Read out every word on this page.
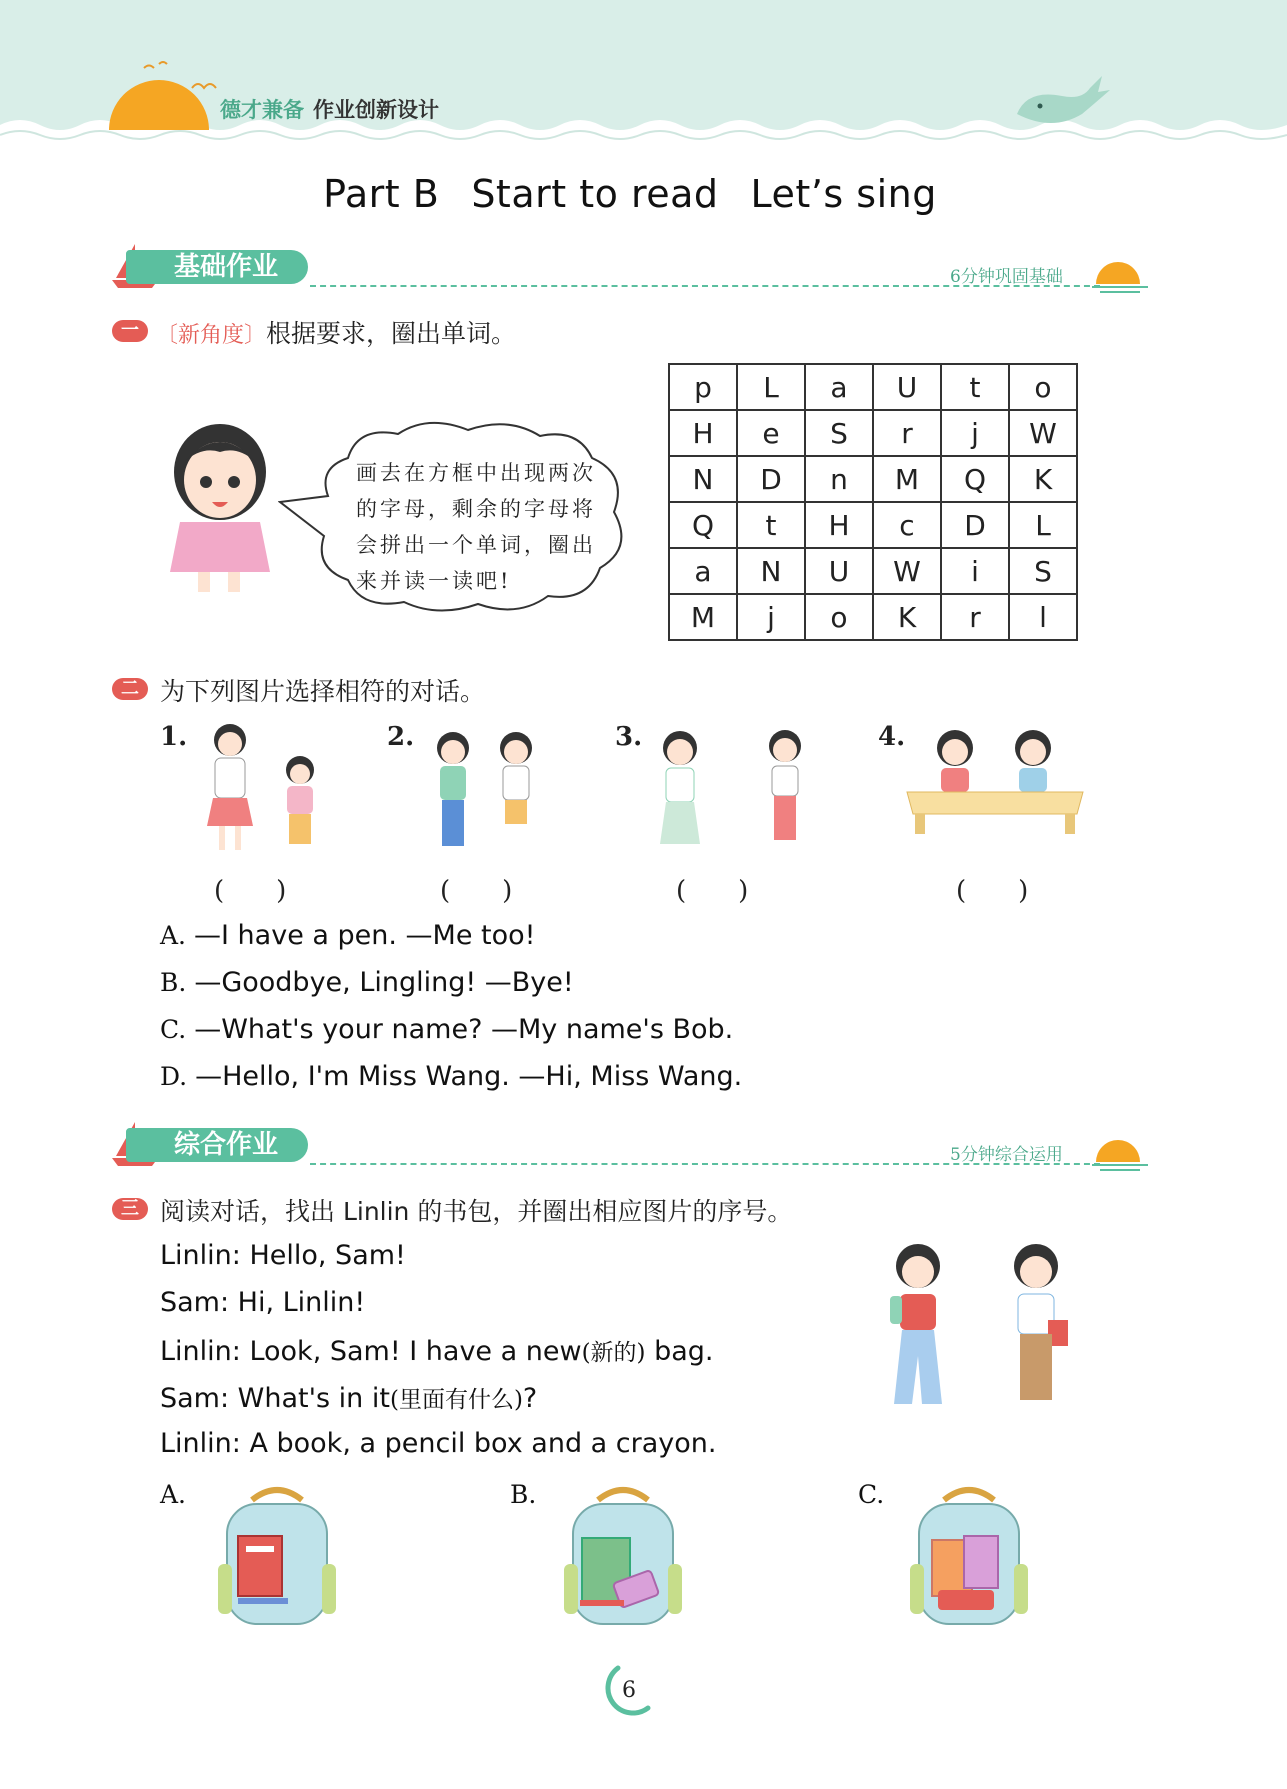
德才兼备 作业创新设计
Part B Start to read Let’s sing
基础作业	6分钟巩固基础
一 〔新角度〕根据要求，圈出单词。
画去在方框中出现两次的字母，剩余的字母将会拼出一个单词，圈出来并读一读吧!
p	L	a	U	t	o
H	e	S	r	j	W
N	D	n	M	Q	K
Q	t	H	c	D	L
a	N	U	W	i	S
M	j	o	K	r	l
二 为下列图片选择相符的对话。
1.	2.	3.	4.
(　　)	(　　)	(　　)	(　　)
A. —I have a pen. —Me too!
B. —Goodbye, Lingling! —Bye!
C. —What's your name? —My name's Bob.
D. —Hello, I'm Miss Wang. —Hi, Miss Wang.
综合作业	5分钟综合运用
三 阅读对话，找出 Linlin 的书包，并圈出相应图片的序号。
Linlin: Hello, Sam!
Sam: Hi, Linlin!
Linlin: Look, Sam! I have a new(新的) bag.
Sam: What's in it(里面有什么)?
Linlin: A book, a pencil box and a crayon.
A.	B.	C.
6
